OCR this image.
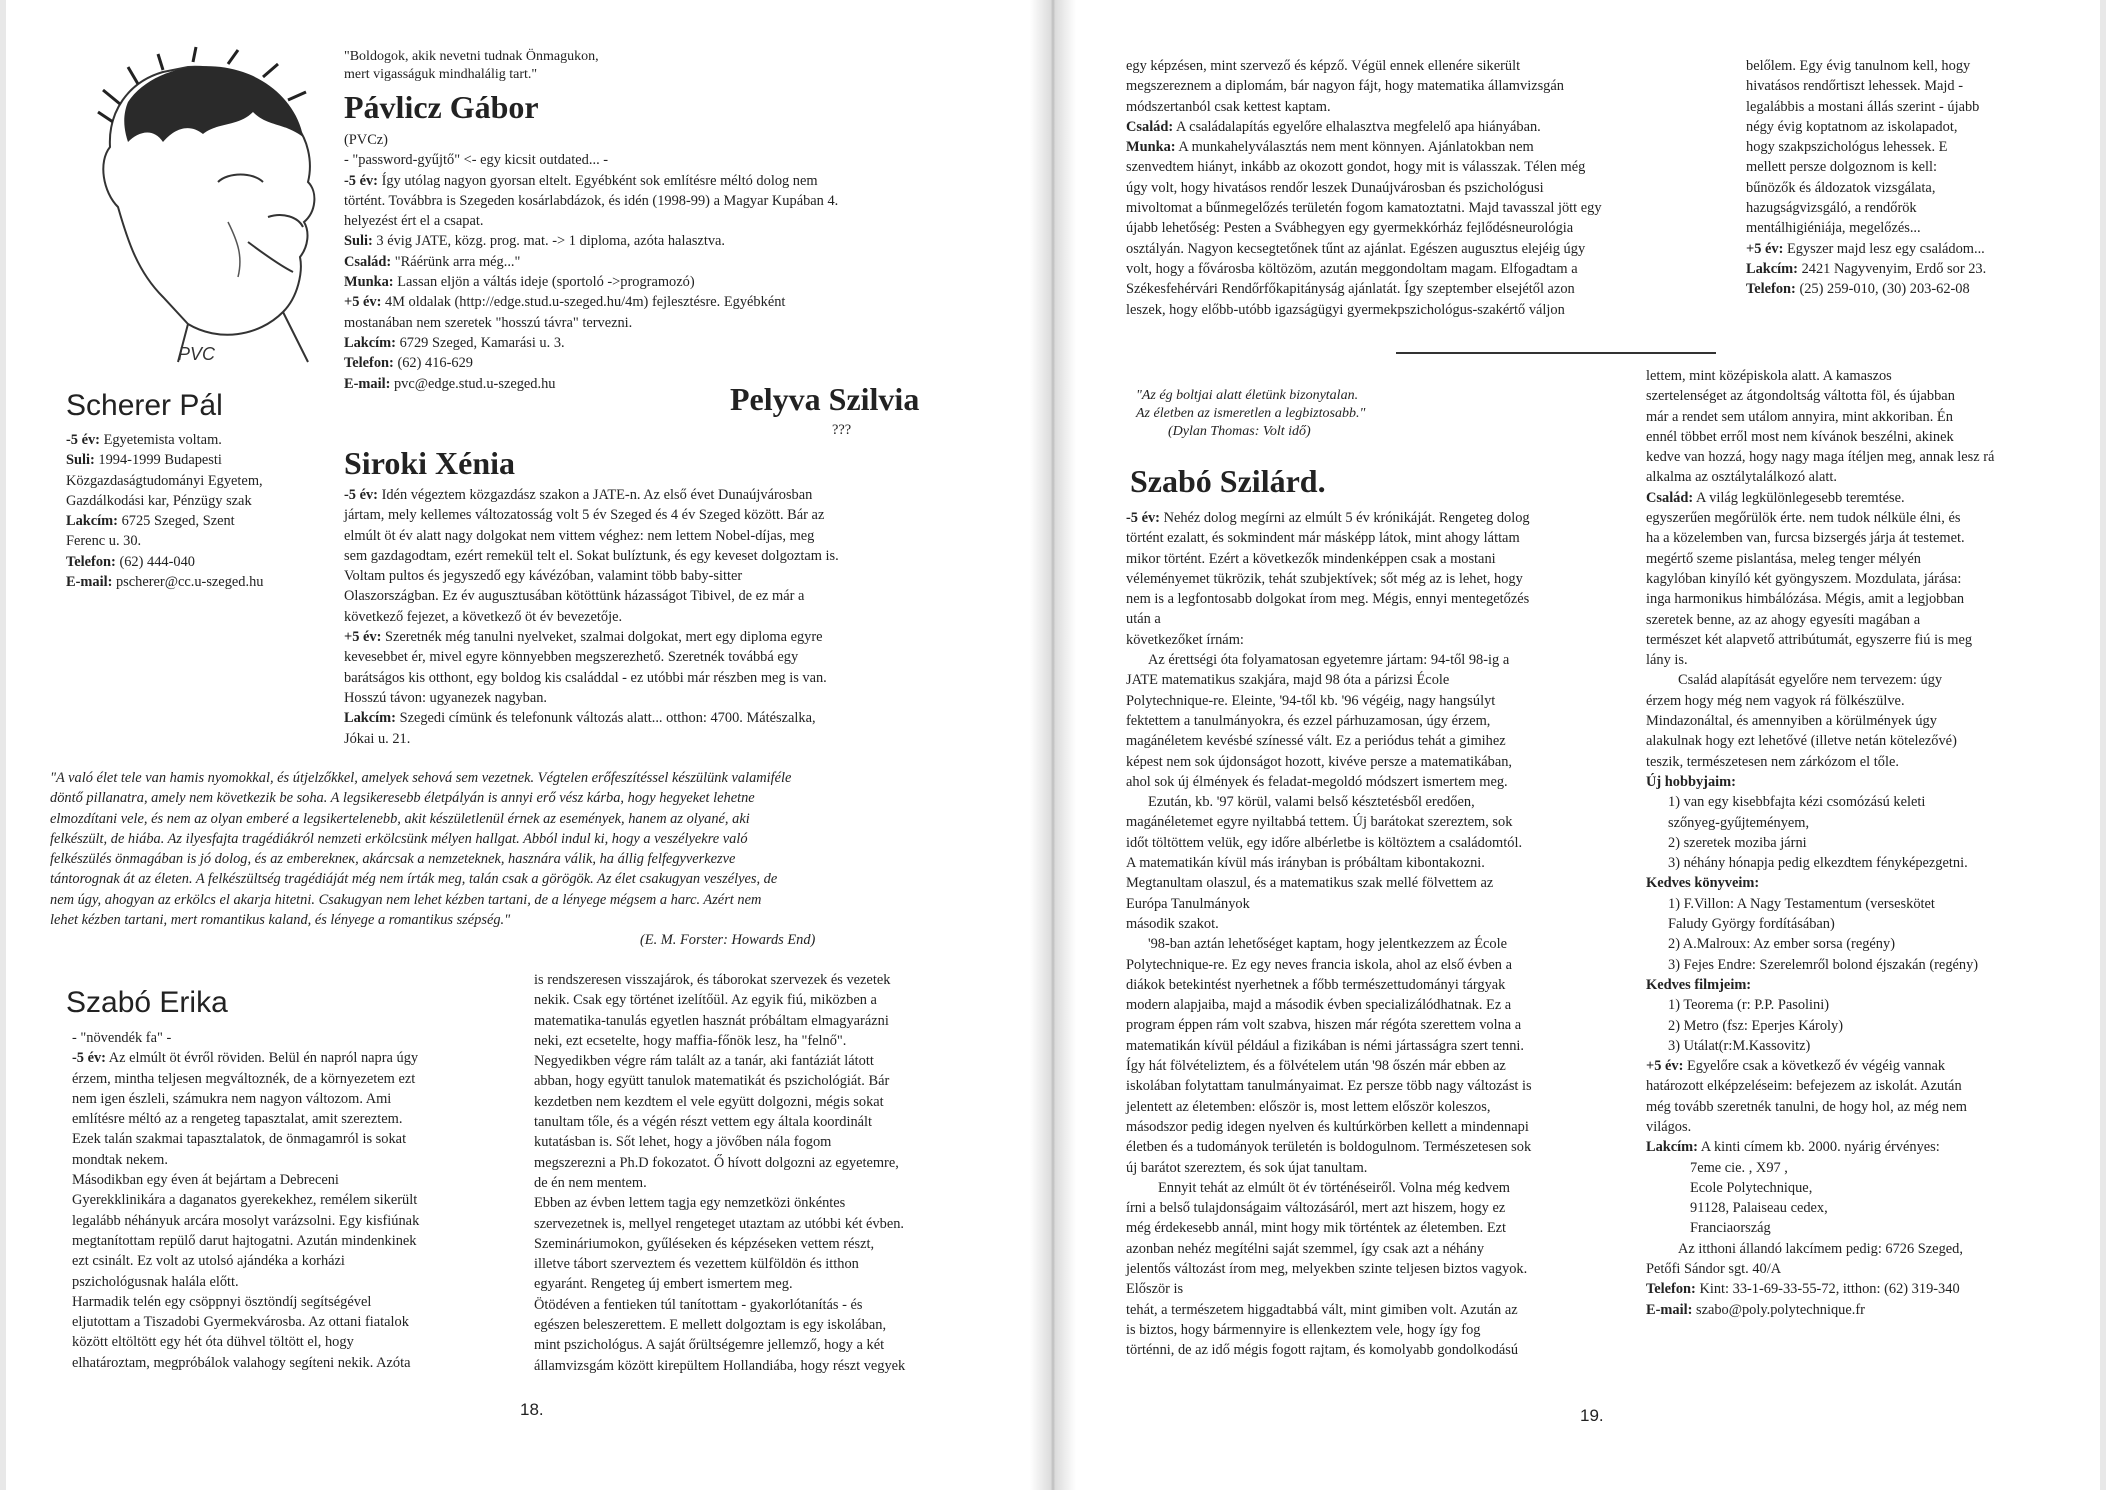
PVC
"Boldogok, akik nevetni tudnak Önmagukon,
mert vigasságuk mindhalálig tart."
Pávlicz Gábor

(PVCz)

- "password-gyűjtő" <- egy kicsit outdated... -

-5 év: Így utólag nagyon gyorsan eltelt. Egyébként sok említésre méltó dolog nem

történt. Továbbra is Szegeden kosárlabdázok, és idén (1998-99) a Magyar Kupában 4.

helyezést ért el a csapat.

Suli: 3 évig JATE, közg. prog. mat. -> 1 diploma, azóta halasztva.

Család: "Ráérünk arra még..."

Munka: Lassan eljön a váltás ideje (sportoló ->programozó)

+5 év: 4M oldalak (http://edge.stud.u-szeged.hu/4m) fejlesztésre. Egyébként

mostanában nem szeretek "hosszú távra" tervezni.

Lakcím: 6729 Szeged, Kamarási u. 3.

Telefon: (62) 416-629

E-mail: pvc@edge.stud.u-szeged.hu

Scherer Pál

-5 év: Egyetemista voltam.

Suli: 1994-1999 Budapesti

Közgazdaságtudományi Egyetem,

Gazdálkodási kar, Pénzügy szak

Lakcím: 6725 Szeged, Szent

Ferenc u. 30.

Telefon: (62) 444-040

E-mail: pscherer@cc.u-szeged.hu

Pelyva Szilvia
???
Siroki Xénia

-5 év: Idén végeztem közgazdász szakon a JATE-n. Az első évet Dunaújvárosban

jártam, mely kellemes változatosság volt 5 év Szeged és 4 év Szeged között. Bár az

elmúlt öt év alatt nagy dolgokat nem vittem véghez: nem lettem Nobel-díjas, meg

sem gazdagodtam, ezért remekül telt el. Sokat bulíztunk, és egy keveset dolgoztam is.

Voltam pultos és jegyszedő egy kávézóban, valamint több baby-sitter

Olaszországban. Ez év augusztusában kötöttünk házasságot Tibivel, de ez már a

következő fejezet, a következő öt év bevezetője.

+5 év: Szeretnék még tanulni nyelveket, szalmai dolgokat, mert egy diploma egyre

kevesebbet ér, mivel egyre könnyebben megszerezhető. Szeretnék továbbá egy

barátságos kis otthont, egy boldog kis családdal - ez utóbbi már részben meg is van.

Hosszú távon: ugyanezek nagyban.

Lakcím: Szegedi címünk és telefonunk változás alatt... otthon: 4700. Mátészalka,

Jókai u. 21.

"A való élet tele van hamis nyomokkal, és útjelzőkkel, amelyek sehová sem vezetnek. Végtelen erőfeszítéssel készülünk valamiféle

döntő pillanatra, amely nem következik be soha. A legsikeresebb életpályán is annyi erő vész kárba, hogy hegyeket lehetne

elmozdítani vele, és nem az olyan emberé a legsikertelenebb, akit készületlenül érnek az események, hanem az olyané, aki

felkészült, de hiába. Az ilyesfajta tragédiákról nemzeti erkölcsünk mélyen hallgat. Abból indul ki, hogy a veszélyekre való

felkészülés önmagában is jó dolog, és az emberekneк, akárcsak a nemzeteknek, hasznára válik, ha állig felfegyverkezve

tántorognak át az életen. A felkészültség tragédiáját még nem írták meg, talán csak a görögök. Az élet csakugyan veszélyes, de

nem úgy, ahogyan az erkölcs el akarja hitetni. Csakugyan nem lehet kézben tartani, de a lényege mégsem a harc. Azért nem

lehet kézben tartani, mert romantikus kaland, és lényege a romantikus szépség."

(E. M. Forster: Howards End)
Szabó Erika

- "növendék fa" -

-5 év: Az elmúlt öt évről röviden. Belül én napról napra úgy

érzem, mintha teljesen megváltoznék, de a környezetem ezt

nem igen észleli, számukra nem nagyon változom. Ami

említésre méltó az a rengeteg tapasztalat, amit szereztem.

Ezek talán szakmai tapasztalatok, de önmagamról is sokat

mondtak nekem.

Másodikban egy éven át bejártam a Debreceni

Gyerekklinikára a daganatos gyerekekhez, remélem sikerült

legalább néhányuk arcára mosolyt varázsolni. Egy kisfiúnak

megtanítottam repülő darut hajtogatni. Azután mindenkinek

ezt csinált. Ez volt az utolsó ajándéka a korházi

pszichológusnak halála előtt.

Harmadik telén egy csöppnyi ösztöndíj segítségével

eljutottam a Tiszadobi Gyermekvárosba. Az ottani fiatalok

között eltöltött egy hét óta dühvel töltött el, hogy

elhatároztam, megpróbálok valahogy segíteni nekik. Azóta

is rendszeresen visszajárok, és táborokat szervezek és vezetek

nekik. Csak egy történet izelítőül. Az egyik fiú, miközben a

matematika-tanulás egyetlen hasznát próbáltam elmagyarázni

neki, ezt ecsetelte, hogy maffia-főnök lesz, ha "felnő".

Negyedikben végre rám talált az a tanár, aki fantáziát látott

abban, hogy együtt tanulok matematikát és pszichológiát. Bár

kezdetben nem kezdtem el vele együtt dolgozni, mégis sokat

tanultam tőle, és a végén részt vettem egy általa koordinált

kutatásban is. Sőt lehet, hogy a jövőben nála fogom

megszerezni a Ph.D fokozatot. Ő hívott dolgozni az egyetemre,

de én nem mentem.

Ebben az évben lettem tagja egy nemzetközi önkéntes

szervezetnek is, mellyel rengeteget utaztam az utóbbi két évben.

Szemináriumokon, gyűléseken és képzéseken vettem részt,

illetve tábort szerveztem és vezettem külföldön és itthon

egyaránt. Rengeteg új embert ismertem meg.

Ötödéven a fentieken túl tanítottam - gyakorlótanítás - és

egészen beleszerettem. E mellett dolgoztam is egy iskolában,

mint pszichológus. A saját őrültségemre jellemző, hogy a két

államvizsgám között kirepültem Hollandiába, hogy részt vegyek

18.

egy képzésen, mint szervező és képző. Végül ennek ellenére sikerült

megszereznem a diplomám, bár nagyon fájt, hogy matematika államvizsgán

módszertanból csak kettest kaptam.

Család: A családalapítás egyelőre elhalasztva megfelelő apa hiányában.

Munka: A munkahelyválasztás nem ment könnyen. Ajánlatokban nem

szenvedtem hiányt, inkább az okozott gondot, hogy mit is válasszak. Télen még

úgy volt, hogy hivatásos rendőr leszek Dunaújvárosban és pszichológusi

mivoltomat a bűnmegelőzés területén fogom kamatoztatni. Majd tavasszal jött egy

újabb lehetőség: Pesten a Svábhegyen egy gyermekkórház fejlődésneurológia

osztályán. Nagyon kecsegtetőnek tűnt az ajánlat. Egészen augusztus elejéig úgy

volt, hogy a fővárosba költözöm, azután meggondoltam magam. Elfogadtam a

Székesfehérvári Rendőrfőkapitányság ajánlatát. Így szeptember elsejétől azon

leszek, hogy előbb-utóbb igazságügyi gyermekpszichológus-szakértő váljon

belőlem. Egy évig tanulnom kell, hogy

hivatásos rendőrtiszt lehessek. Majd -

legalábbis a mostani állás szerint - újabb

négy évig koptatnom az iskolapadot,

hogy szakpszichológus lehessek. E

mellett persze dolgoznom is kell:

bűnözők és áldozatok vizsgálata,

hazugságvizsgáló, a rendőrök

mentálhigiéniája, megelőzés...

+5 év: Egyszer majd lesz egy családom...

Lakcím: 2421 Nagyvenyim, Erdő sor 23.

Telefon: (25) 259-010, (30) 203-62-08

"Az ég boltjai alatt életünk bizonytalan.
Az életben az ismeretlen a legbiztosabb."
(Dylan Thomas: Volt idő)
Szabó Szilárd.

-5 év: Nehéz dolog megírni az elmúlt 5 év krónikáját. Rengeteg dolog

történt ezalatt, és sokmindent már másképp látok, mint ahogy láttam

mikor történt. Ezért a következők mindenképpen csak a mostani

véleményemet tükrözik, tehát szubjektívek; sőt még az is lehet, hogy

nem is a legfontosabb dolgokat írom meg. Mégis, ennyi mentegetőzés

után a

következőket írnám:

Az érettségi óta folyamatosan egyetemre jártam: 94-től 98-ig a

JATE matematikus szakjára, majd 98 óta a párizsi École

Polytechnique-re. Eleinte, '94-től kb. '96 végéig, nagy hangsúlyt

fektettem a tanulmányokra, és ezzel párhuzamosan, úgy érzem,

magánéletem kevésbé színessé vált. Ez a periódus tehát a gimihez

képest nem sok újdonságot hozott, kivéve persze a matematikában,

ahol sok új élmények és feladat-megoldó módszert ismertem meg.

Ezután, kb. '97 körül, valami belső késztetésből eredően,

magánéletemet egyre nyiltabbá tettem. Új barátokat szereztem, sok

időt töltöttem velük, egy időre albérletbe is költöztem a családomtól.

A matematikán kívül más irányban is próbáltam kibontakozni.

Megtanultam olaszul, és a matematikus szak mellé fölvettem az

Európa Tanulmányok

második szakot.

'98-ban aztán lehetőséget kaptam, hogy jelentkezzem az École

Polytechnique-re. Ez egy neves francia iskola, ahol az első évben a

diákok betekintést nyerhetnek a főbb természettudományi tárgyak

modern alapjaiba, majd a második évben specializálódhatnak. Ez a

program éppen rám volt szabva, hiszen már régóta szerettem volna a

matematikán kívül például a fizikában is némi jártasságra szert tenni.

Így hát fölvételiztem, és a fölvételem után '98 őszén már ebben az

iskolában folytattam tanulmányaimat. Ez persze több nagy változást is

jelentett az életemben: először is, most lettem először koleszos,

másodszor pedig idegen nyelven és kultúrkörben kellett a mindennapi

életben és a tudományok területén is boldogulnom. Természetesen sok

új barátot szereztem, és sok újat tanultam.

Ennyit tehát az elmúlt öt év történéseiről. Volna még kedvem

írni a belső tulajdonságaim változásáról, mert azt hiszem, hogy ez

még érdekesebb annál, mint hogy mik történtek az életemben. Ezt

azonban nehéz megítélni saját szemmel, így csak azt a néhány

jelentős változást írom meg, melyekben szinte teljesen biztos vagyok.

Először is

tehát, a természetem higgadtabbá vált, mint gimiben volt. Azután az

is biztos, hogy bármennyire is ellenkeztem vele, hogy így fog

történni, de az idő mégis fogott rajtam, és komolyabb gondolkodású

lettem, mint középiskola alatt. A kamaszos

szertelenséget az átgondoltság váltotta föl, és újabban

már a rendet sem utálom annyira, mint akkoriban. Én

ennél többet erről most nem kívánok beszélni, akinek

kedve van hozzá, hogy nagy maga ítéljen meg, annak lesz rá

alkalma az osztálytalálkozó alatt.

Család: A világ legkülönlegesebb teremtése.

egyszerűen megőrülök érte. nem tudok nélküle élni, és

ha a közelemben van, furcsa bizsergés járja át testemet.

megértő szeme pislantása, meleg tenger mélyén

kagylóban kinyíló két gyöngyszem. Mozdulata, járása:

inga harmonikus himbálózása. Mégis, amit a legjobban

szeretek benne, az az ahogy egyesíti magában a

természet két alapvető attribútumát, egyszerre fiú is meg

lány is.

Család alapítását egyelőre nem tervezem: úgy

érzem hogy még nem vagyok rá fölkészülve.

Mindazonáltal, és amennyiben a körülmények úgy

alakulnak hogy ezt lehetővé (illetve netán kötelezővé)

teszik, természetesen nem zárkózom el tőle.

Új hobbyjaim:

1) van egy kisebbfajta kézi csomózású keleti

szőnyeg-gyűjteményem,

2) szeretek moziba járni

3) néhány hónapja pedig elkezdtem fényképezgetni.

Kedves könyveim:

1) F.Villon: A Nagy Testamentum (verseskötet

Faludy György fordításában)

2) A.Malroux: Az ember sorsa (regény)

3) Fejes Endre: Szerelemről bolond éjszakán (regény)

Kedves filmjeim:

1) Teorema (r: P.P. Pasolini)

2) Metro (fsz: Eperjes Károly)

3) Utálat(r:M.Kassovitz)

+5 év: Egyelőre csak a következő év végéig vannak

határozott elképzeléseim: befejezem az iskolát. Azután

még tovább szeretnék tanulni, de hogy hol, az még nem

világos.

Lakcím: A kinti címem kb. 2000. nyárig érvényes:

7eme cie. , X97 ,

Ecole Polytechnique,

91128, Palaiseau cedex,

Franciaország

Az itthoni állandó lakcímem pedig: 6726 Szeged,

Petőfi Sándor sgt. 40/A

Telefon: Kint: 33-1-69-33-55-72, itthon: (62) 319-340

E-mail: szabo@poly.polytechnique.fr

19.
